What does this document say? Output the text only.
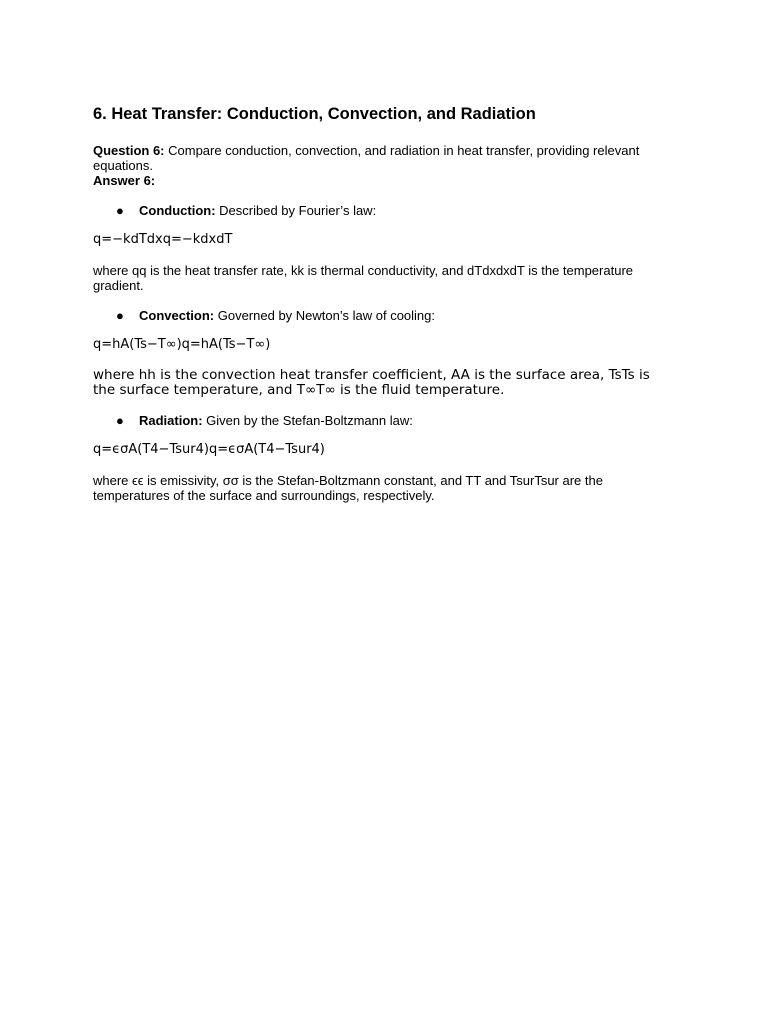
6. Heat Transfer: Conduction, Convection, and Radiation

Question 6: Compare conduction, convection, and radiation in heat transfer, providing relevant equations.

Answer 6:

● Conduction: Described by Fourier’s law:

q=−kdTdxq=−kdxdT

where qq is the heat transfer rate, kk is thermal conductivity, and dTdxdxdT is the temperature gradient.

● Convection: Governed by Newton’s law of cooling:

q=hA(Ts−T∞)q=hA(Ts−T∞)

where hh is the convection heat transfer coefficient, AA is the surface area, TsTs is the surface temperature, and T∞T∞ is the fluid temperature.

● Radiation: Given by the Stefan-Boltzmann law:

q=ϵσA(T4−Tsur4)q=ϵσA(T4−Tsur4)

where ϵϵ is emissivity, σσ is the Stefan-Boltzmann constant, and TT and TsurTsur are the temperatures of the surface and surroundings, respectively.
